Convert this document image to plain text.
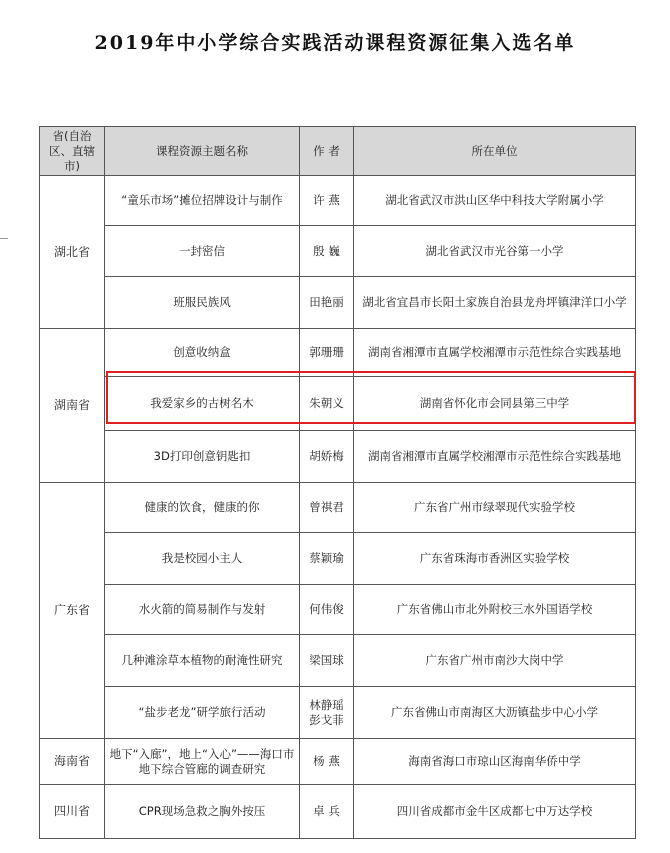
2019年中小学综合实践活动课程资源征集入选名单
省(自治区、直辖市)	课程资源主题名称	作 者	所在单位
湖北省	“童乐市场”摊位招牌设计与制作	许 燕	湖北省武汉市洪山区华中科技大学附属小学
	一封密信	殷 巍	湖北省武汉市光谷第一小学
	班服民族风	田艳丽	湖北省宜昌市长阳土家族自治县龙舟坪镇津洋口小学
湖南省	创意收纳盒	郭珊珊	湖南省湘潭市直属学校湘潭市示范性综合实践基地
	我爱家乡的古树名木	朱朝义	湖南省怀化市会同县第三中学
	3D打印创意钥匙扣	胡娇梅	湖南省湘潭市直属学校湘潭市示范性综合实践基地
广东省	健康的饮食，健康的你	曾祺君	广东省广州市绿翠现代实验学校
	我是校园小主人	蔡颖瑜	广东省珠海市香洲区实验学校
	水火箭的简易制作与发射	何伟俊	广东省佛山市北外附校三水外国语学校
	几种滩涂草本植物的耐淹性研究	梁国球	广东省广州市南沙大岗中学
	“盐步老龙”研学旅行活动	林静瑶 彭戈菲	广东省佛山市南海区大沥镇盐步中心小学
海南省	地下“入廊”，地上“入心”——海口市地下综合管廊的调查研究	杨 燕	海南省海口市琼山区海南华侨中学
四川省	CPR现场急救之胸外按压	卓 兵	四川省成都市金牛区成都七中万达学校
